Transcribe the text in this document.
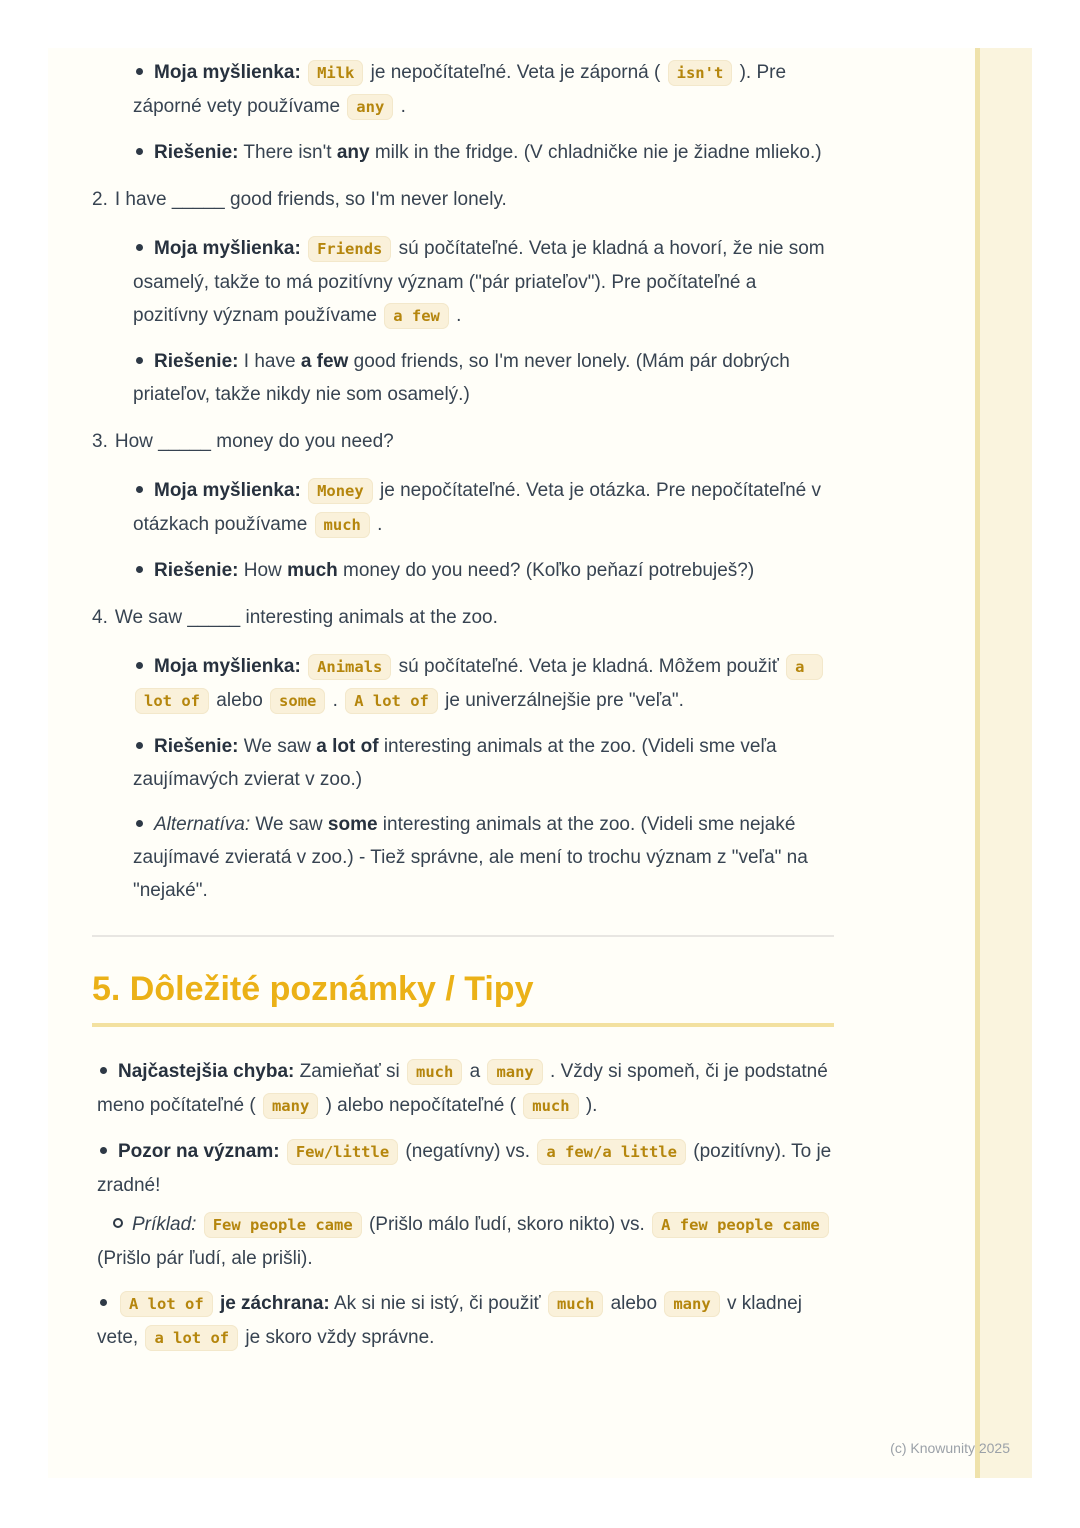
Moja myšlienka: Milk je nepočítateľné. Veta je záporná ( isn't ). Pre záporné vety používame any .
Riešenie: There isn't any milk in the fridge. (V chladničke nie je žiadne mlieko.)
2. I have _____ good friends, so I'm never lonely.
Moja myšlienka: Friends sú počítateľné. Veta je kladná a hovorí, že nie som osamelý, takže to má pozitívny význam ("pár priateľov"). Pre počítateľné a pozitívny význam používame a few .
Riešenie: I have a few good friends, so I'm never lonely. (Mám pár dobrých priateľov, takže nikdy nie som osamelý.)
3. How _____ money do you need?
Moja myšlienka: Money je nepočítateľné. Veta je otázka. Pre nepočítateľné v otázkach používame much .
Riešenie: How much money do you need? (Koľko peňazí potrebuješ?)
4. We saw _____ interesting animals at the zoo.
Moja myšlienka: Animals sú počítateľné. Veta je kladná. Môžem použiť a lot of alebo some . A lot of je univerzálnejšie pre "veľa".
Riešenie: We saw a lot of interesting animals at the zoo. (Videli sme veľa zaujímavých zvierat v zoo.)
Alternatíva: We saw some interesting animals at the zoo. (Videli sme nejaké zaujímavé zvieratá v zoo.) - Tiež správne, ale mení to trochu význam z "veľa" na "nejaké".
5. Dôležité poznámky / Tipy
Najčastejšia chyba: Zamieňať si much a many . Vždy si spomeň, či je podstatné meno počítateľné ( many ) alebo nepočítateľné ( much ).
Pozor na význam: Few/little (negatívny) vs. a few/a little (pozitívny). To je zradné!
Príklad: Few people came (Prišlo málo ľudí, skoro nikto) vs. A few people came (Prišlo pár ľudí, ale prišli).
A lot of je záchrana: Ak si nie si istý, či použiť much alebo many v kladnej vete, a lot of je skoro vždy správne.
(c) Knowunity 2025
